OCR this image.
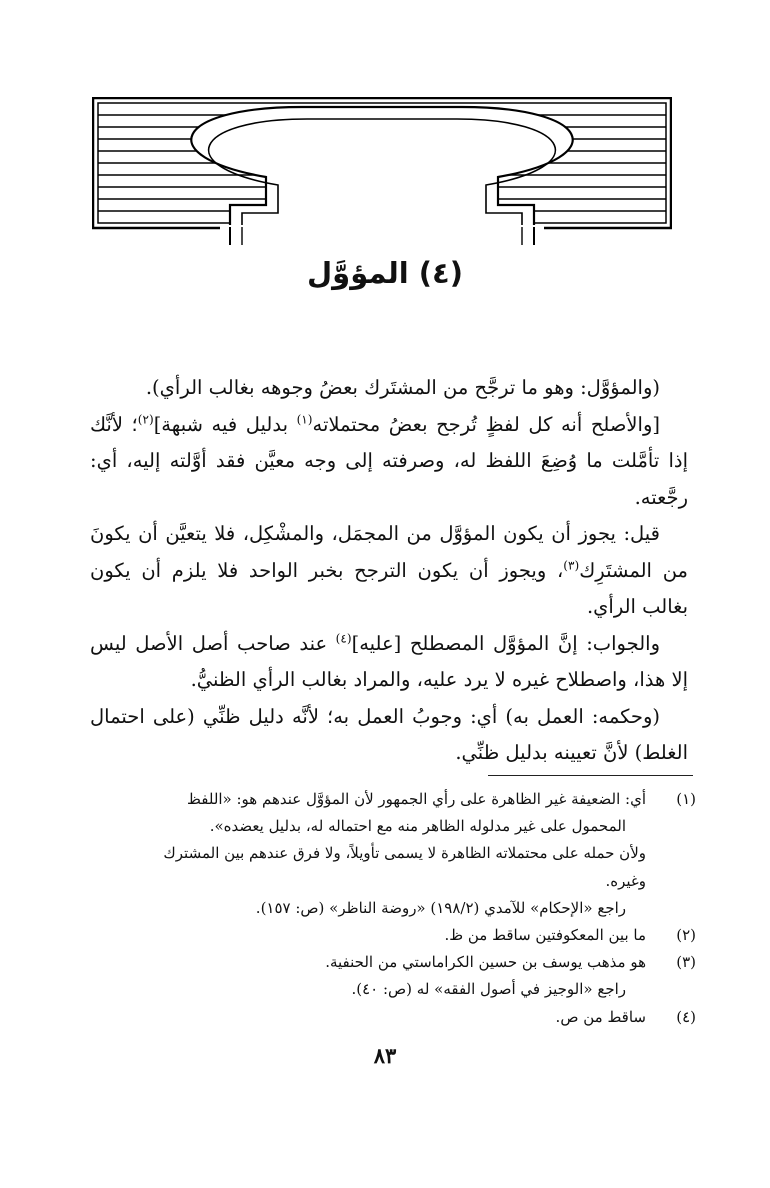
(٤) المؤوَّل

(والمؤوَّل: وهو ما ترجَّح من المشتَرك بعضُ وجوهه بغالب الرأي).

[والأصلح أنه كل لفظٍ تُرجح بعضُ محتملاته$^{(١)}$ بدليل فيه شبهة]$^{(٢)}$؛ لأنَّك إذا تأمَّلت ما وُضِعَ اللفظ له، وصرفته إلى وجه معيَّن فقد أوَّلته إليه، أي: رجَّعته.

قيل: يجوز أن يكون المؤوَّل من المجمَل، والمشْكِل، فلا يتعيَّن أن يكونَ من المشتَرِك$^{(٣)}$، ويجوز أن يكون الترجح بخبر الواحد فلا يلزم أن يكون بغالب الرأي.

والجواب: إنَّ المؤوَّل المصطلح [عليه]$^{(٤)}$ عند صاحب أصل الأصل ليس إلا هذا، واصطلاح غيره لا يرد عليه، والمراد بغالب الرأي الظنيُّ.

(وحكمه: العمل به) أي: وجوبُ العمل به؛ لأنَّه دليل ظنِّي (على احتمال الغلط) لأنَّ تعيينه بدليل ظنِّي.

(١)
أي: الضعيفة غير الظاهرة على رأي الجمهور لأن المؤوَّل عندهم هو: «اللفظ
المحمول على غير مدلوله الظاهر منه مع احتماله له، بدليل يعضده».
ولأن حمله على محتملاته الظاهرة لا يسمى تأويلاً، ولا فرق عندهم بين المشترك
وغيره.
راجع «الإحكام» للآمدي (١٩٨/٢) «روضة الناظر» (ص: ١٥٧).
(٢)
ما بين المعكوفتين ساقط من ظ.
(٣)
هو مذهب يوسف بن حسين الكراماستي من الحنفية.
راجع «الوجيز في أصول الفقه» له (ص: ٤٠).
(٤)
ساقط من ص.
٨٣
